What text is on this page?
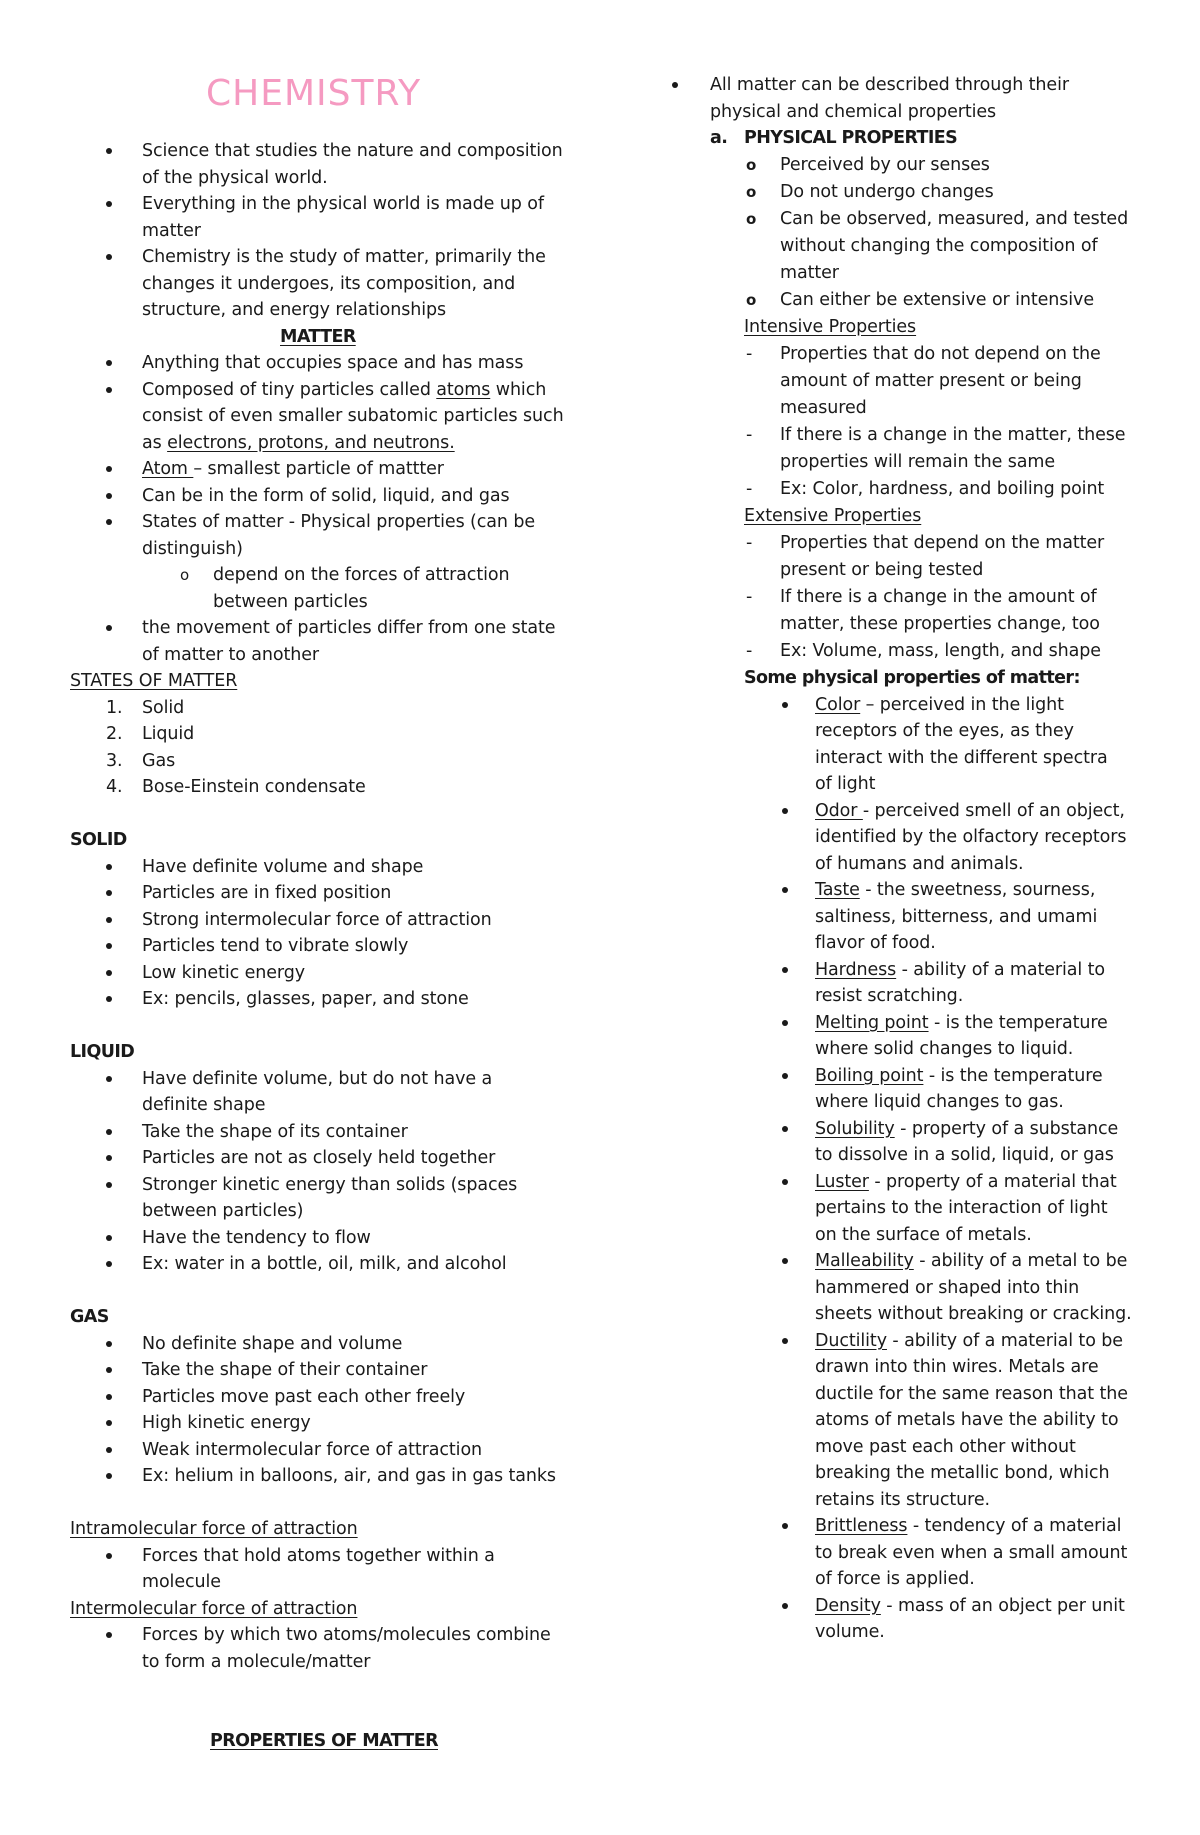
CHEMISTRY
Science that studies the nature and composition
of the physical world.
Everything in the physical world is made up of
matter
Chemistry is the study of matter, primarily the
changes it undergoes, its composition, and
structure, and energy relationships
MATTER
Anything that occupies space and has mass
Composed of tiny particles called atoms which
consist of even smaller subatomic particles such
as electrons, protons, and neutrons.
Atom – smallest particle of mattter
Can be in the form of solid, liquid, and gas
States of matter - Physical properties (can be
distinguish)
o depend on the forces of attraction
between particles
the movement of particles differ from one state
of matter to another
STATES OF MATTER
1. Solid
2. Liquid
3. Gas
4. Bose-Einstein condensate
SOLID
Have definite volume and shape
Particles are in fixed position
Strong intermolecular force of attraction
Particles tend to vibrate slowly
Low kinetic energy
Ex: pencils, glasses, paper, and stone
LIQUID
Have definite volume, but do not have a
definite shape
Take the shape of its container
Particles are not as closely held together
Stronger kinetic energy than solids (spaces
between particles)
Have the tendency to flow
Ex: water in a bottle, oil, milk, and alcohol
GAS
No definite shape and volume
Take the shape of their container
Particles move past each other freely
High kinetic energy
Weak intermolecular force of attraction
Ex: helium in balloons, air, and gas in gas tanks
Intramolecular force of attraction
Forces that hold atoms together within a
molecule
Intermolecular force of attraction
Forces by which two atoms/molecules combine
to form a molecule/matter
PROPERTIES OF MATTER
All matter can be described through their
physical and chemical properties
a. PHYSICAL PROPERTIES
o Perceived by our senses
o Do not undergo changes
o Can be observed, measured, and tested
without changing the composition of
matter
o Can either be extensive or intensive
Intensive Properties
- Properties that do not depend on the
amount of matter present or being
measured
- If there is a change in the matter, these
properties will remain the same
- Ex: Color, hardness, and boiling point
Extensive Properties
- Properties that depend on the matter
present or being tested
- If there is a change in the amount of
matter, these properties change, too
- Ex: Volume, mass, length, and shape
Some physical properties of matter:
Color – perceived in the light
receptors of the eyes, as they
interact with the different spectra
of light
Odor - perceived smell of an object,
identified by the olfactory receptors
of humans and animals.
Taste - the sweetness, sourness,
saltiness, bitterness, and umami
flavor of food.
Hardness - ability of a material to
resist scratching.
Melting point - is the temperature
where solid changes to liquid.
Boiling point - is the temperature
where liquid changes to gas.
Solubility - property of a substance
to dissolve in a solid, liquid, or gas
Luster - property of a material that
pertains to the interaction of light
on the surface of metals.
Malleability - ability of a metal to be
hammered or shaped into thin
sheets without breaking or cracking.
Ductility - ability of a material to be
drawn into thin wires. Metals are
ductile for the same reason that the
atoms of metals have the ability to
move past each other without
breaking the metallic bond, which
retains its structure.
Brittleness - tendency of a material
to break even when a small amount
of force is applied.
Density - mass of an object per unit
volume.
